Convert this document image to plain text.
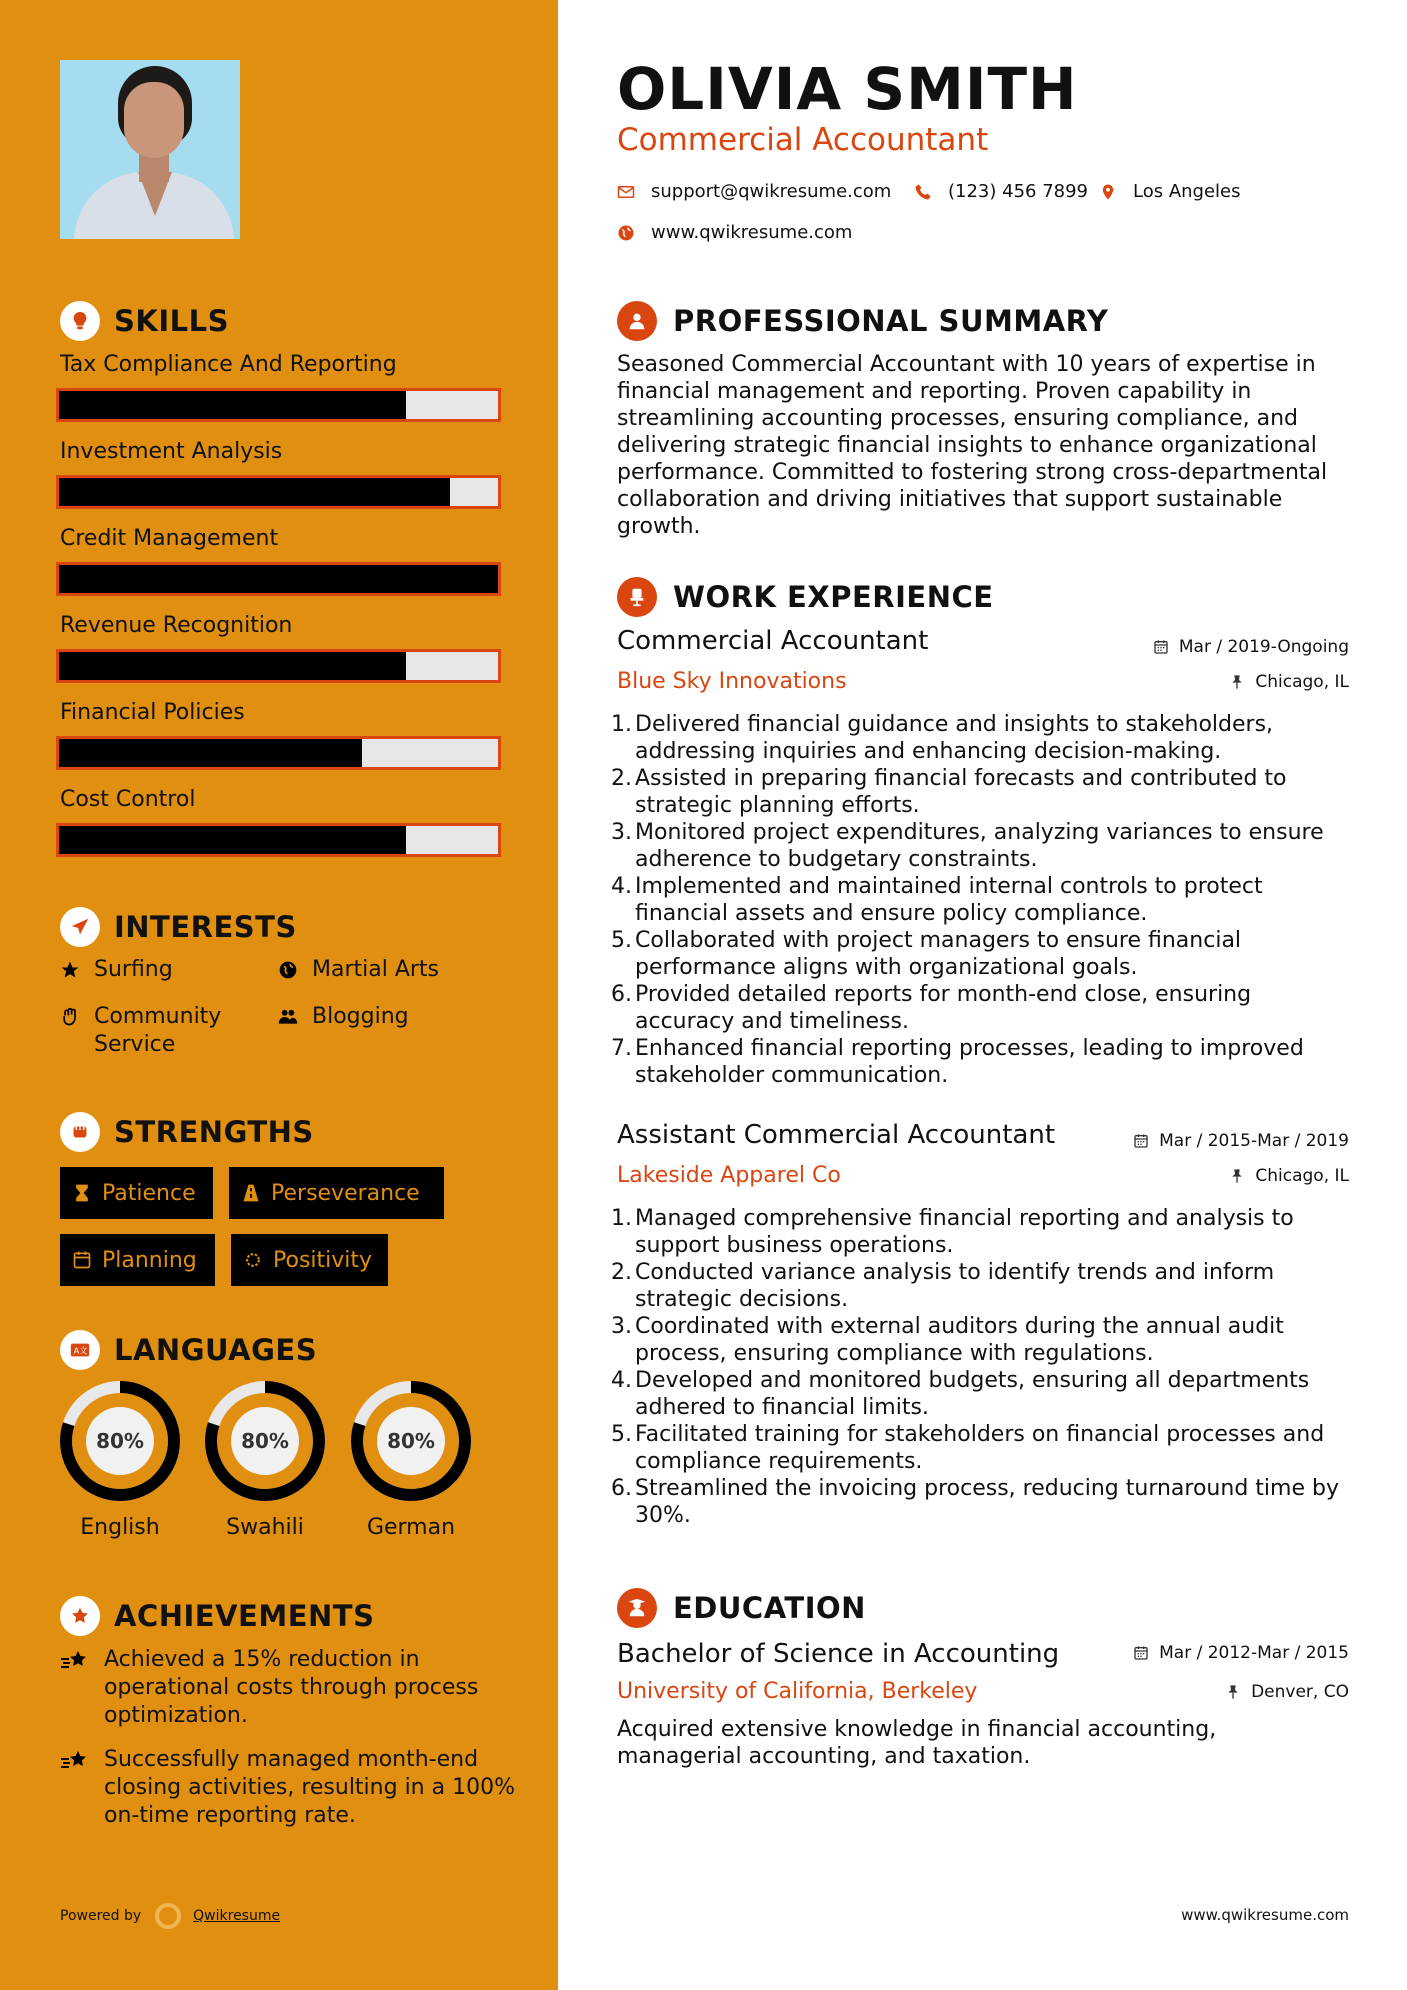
SKILLS
Tax Compliance And Reporting
Investment Analysis
Credit Management
Revenue Recognition
Financial Policies
Cost Control
INTERESTS
Surfing	Martial Arts
Community Service
Blogging
STRENGTHS
Patience	Perseverance
Planning	Positivity
A文 LANGUAGES
80%
English
80%
Swahili
80%
German
ACHIEVEMENTS
Achieved a 15% reduction in operational costs through process optimization.
Successfully managed month-end closing activities, resulting in a 100% on-time reporting rate.
Powered by	Qwikresume
OLIVIA SMITH
Commercial Accountant
support@qwikresume.com	(123) 456 7899 Los Angeles
www.qwikresume.com
PROFESSIONAL SUMMARY
Seasoned Commercial Accountant with 10 years of expertise in financial management and reporting. Proven capability in streamlining accounting processes, ensuring compliance, and delivering strategic financial insights to enhance organizational performance. Committed to fostering strong cross-departmental collaboration and driving initiatives that support sustainable growth.
WORK EXPERIENCE
Commercial Accountant	Mar / 2019-Ongoing
Blue Sky Innovations	Chicago, IL
1. Delivered financial guidance and insights to stakeholders, addressing inquiries and enhancing decision-making.
2. Assisted in preparing financial forecasts and contributed to strategic planning efforts.
3. Monitored project expenditures, analyzing variances to ensure adherence to budgetary constraints.
4. Implemented and maintained internal controls to protect financial assets and ensure policy compliance.
5. Collaborated with project managers to ensure financial performance aligns with organizational goals.
6. Provided detailed reports for month-end close, ensuring accuracy and timeliness.
7. Enhanced financial reporting processes, leading to improved stakeholder communication.
Assistant Commercial Accountant	Mar / 2015-Mar / 2019
Lakeside Apparel Co	Chicago, IL
1. Managed comprehensive financial reporting and analysis to support business operations.
2. Conducted variance analysis to identify trends and inform strategic decisions.
3. Coordinated with external auditors during the annual audit process, ensuring compliance with regulations.
4. Developed and monitored budgets, ensuring all departments adhered to financial limits.
5. Facilitated training for stakeholders on financial processes and compliance requirements.
6. Streamlined the invoicing process, reducing turnaround time by 30%.
EDUCATION
Bachelor of Science in Accounting	Mar / 2012-Mar / 2015
University of California, Berkeley	Denver, CO
Acquired extensive knowledge in financial accounting, managerial accounting, and taxation.
www.qwikresume.com
